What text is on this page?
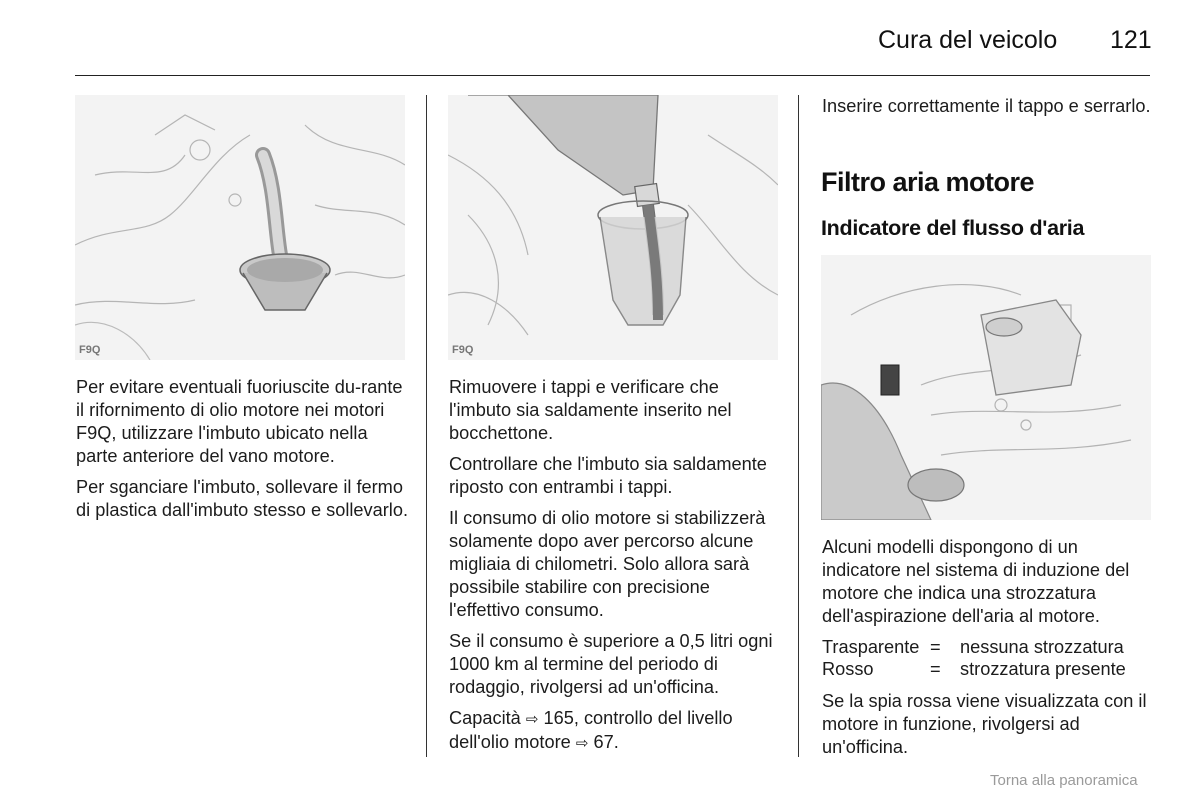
Cura del veicolo 121
F9Q

Per evitare eventuali fuoriuscite du-rante il rifornimento di olio motore nei motori F9Q, utilizzare l'imbuto ubicato nella parte anteriore del vano motore.

Per sganciare l'imbuto, sollevare il fermo di plastica dall'imbuto stesso e sollevarlo.

F9Q

Rimuovere i tappi e verificare che l'imbuto sia saldamente inserito nel bocchettone.

Controllare che l'imbuto sia saldamente riposto con entrambi i tappi.

Il consumo di olio motore si stabilizzerà solamente dopo aver percorso alcune migliaia di chilometri. Solo allora sarà possibile stabilire con precisione l'effettivo consumo.

Se il consumo è superiore a 0,5 litri ogni 1000 km al termine del periodo di rodaggio, rivolgersi ad un'officina.

Capacità ⇨ 165, controllo del livello
dell'olio motore ⇨ 67.

Inserire correttamente il tappo e serrarlo.

Filtro aria motore
Indicatore del flusso d'aria

Alcuni modelli dispongono di un indicatore nel sistema di induzione del motore che indica una strozzatura dell'aspirazione dell'aria al motore.

Trasparente =	nessuna strozzatura
Rosso	=	strozzatura presente

Se la spia rossa viene visualizzata con il motore in funzione, rivolgersi ad un'officina.

Torna alla panoramica
